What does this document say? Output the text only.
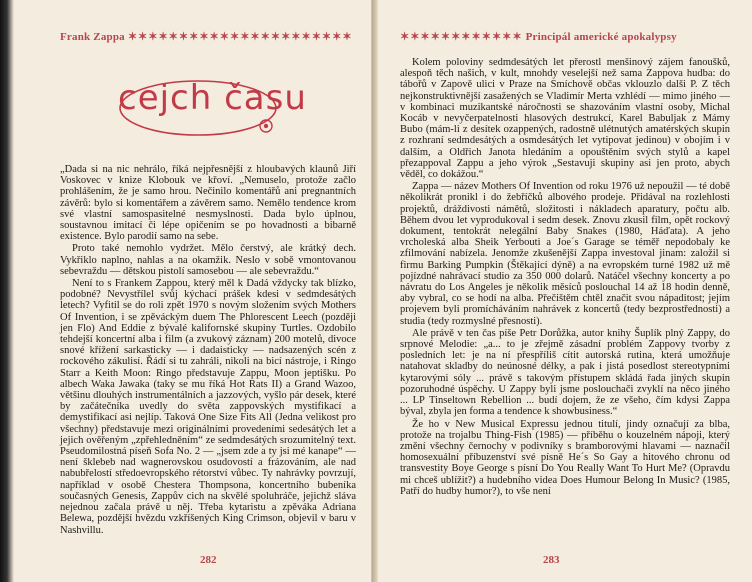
Frank Zappa ✶✶✶✶✶✶✶✶✶✶✶✶✶✶✶✶✶✶✶✶✶✶
cejch času

„Dada si na nic nehrálo, říká nejpřesnější z hloubavých klaunů Jiří Voskovec v knize Klobouk ve křoví. „Nemuselo, protože začlo prohlášením, že je samo hrou. Nečinilo komentářů ani pregnantních závěrů: bylo si komentářem a závěrem samo. Nemělo tendence krom své vlastní samospasitelné nesmyslnosti. Dada bylo úplnou, soustavnou imitací či lépe opičením se po hovadnosti a bibarně existence. Bylo parodií samo na sebe.

Proto také nemohlo vydržet. Mělo čerstvý, ale krátký dech. Vykřiklo naplno, nahlas a na okamžik. Neslo v sobě vmontovanou sebevraždu — dětskou pistolí samosebou — ale sebevraždu.“

Není to s Frankem Zappou, který měl k Dadá vždycky tak blízko, podobné? Nevystřílel svůj kýchací prášek kdesi v sedmdesátých letech? Vyfitil se do roli zpět 1970 s novým složením svých Mothers Of Invention, i se zpěváckým duem The Phlorescent Leech (později jen Flo) And Eddie z bývalé kalifornské skupiny Turtles. Ozdobilo tehdejší koncertní alba i film (a zvukový záznam) 200 motelů, divoce snové křížení sarkasticky — i dadaisticky — nadsazených scén z rockového zákulisí. Řádí si tu zahráli, nikoli na bicí nástroje, i Ringo Starr a Keith Moon: Ringo představuje Zappu, Moon jeptišku. Po albech Waka Jawaka (taky se mu říká Hot Rats II) a Grand Wazoo, většinu dlouhých instrumentálních a jazzových, vyšlo pár desek, které by začátečníka uvedly do světa zappovských mystifikací a demystifikací asi nejlíp. Taková One Size Fits All (Jedna velikost pro všechny) představuje mezi originálními provedeními sedesátých let a jejich ověřeným „zpřehledněním“ ze sedmdesátých srozumitelný text. Pseudomilostná píseň Sofa No. 2 — „jsem zde a ty jsi mé kanape“ — není šklebeb nad wagnerovskou osudovostí a frázováním, ale nad nabubřelostí středoevropského rétorství vůbec. Ty nahrávky povrzují, například v osobě Chestera Thompsona, koncertního bubeníka současných Genesis, Zappův cich na skvělé spoluhráče, jejichž sláva nejednou začala právě u něj. Třeba kytaristu a zpěváka Adriana Belewa, pozdější hvězdu vzkříšených King Crimson, objevil v baru v Nashvillu.

282
✶✶✶✶✶✶✶✶✶✶✶✶ Principál americké apokalypsy

Kolem poloviny sedmdesátých let přerostl menšinový zájem fanoušků, alespoň těch našich, v kult, mnohdy veselejší než sama Zappova hudba: do tábořů v Zapově ulici v Praze na Smíchově občas vklouzlo dalši P. Z těch nejkonstruktivnější zasažených se Vladimír Merta vzhlédí — mimo jiného — v kombinaci muzikantské náročnosti se shazováním vlastní osoby, Michal Kocáb v nevyčerpatelnosti hlasových destrukcí, Karel Babuljak z Mámy Bubo (mám-li z desítek ozappených, radostně ulétnutých amatérských skupin z rozhraní sedmdesátých a osmdesátých let vytipovat jedinou) v obojím i v dalším, a Oldřich Janota hledáním a opouštěním svých stylů a kapel přezappoval Zappu a jeho výrok „Sestavuji skupiny asi jen proto, abych věděl, co dokážou.“

Zappa — název Mothers Of Invention od roku 1976 už nepoužil — té době několikrát pronikl i do žebříčků albového prodeje. Přidával na rozlehlosti projektů, dráždivosti námětů, složitosti i nákladech aparatury, počtu alb. Během dvou let vyprodukoval i sedm desek. Znovu zkusil film, opět rockový dokument, tentokrát nelegální Baby Snakes (1980, Háďata). A jeho vrcholeská alba Sheik Yerbouti a Joe´s Garage se téměř nepodobaly ke zfilmování nabízela. Jenomže zkušenější Zappa investoval jinam: založil si firmu Barking Pumpkin (Štěkající dýně) a na evropském turné 1982 už mě pojízdné nahrávací studio za 350 000 dolarů. Natáčel všechny koncerty a po návratu do Los Angeles je několik měsíců poslouchal 14 až 18 hodin denně, aby vybral, co se hodí na alba. Přečištěm chtěl značit svou nápaditost; jejím projevem byli promícháváním nahrávek z koncertů (tedy bezprostřednosti) a studia (tedy rozmyslné přesnosti).

Ale právě v ten čas píše Petr Dorůžka, autor knihy Šuplík plný Zappy, do srpnové Melodie: „a... to je zřejmě zásadní problém Zappovy tvorby z posledních let: je na ní přespříliš cítit autorská rutina, která umožňuje natahovat skladby do neúnosné délky, a pak i jistá posedlost stereotypními kytarovými sóly ... právě s takovým přístupem skládá řada jiných skupin pozoruhodné úspěchy. U Zappy byli jsme poslouchači zvyklí na něco jiného ... LP Tinseltown Rebellion ... budí dojem, že ze všeho, čím kdysi Zappa býval, zbyla jen forma a tendence k showbusiness.“

Že ho v New Musical Expressu jednou titulí, jindy označují za blba, protože na trojalbu Thing-Fish (1985) — příběhu o kouzelném nápoji, který změní všechny černochy v podivníky s bramborovými hlavami — naznačil homosexuální příbuzenství své písně He´s So Gay a hitového chronu od transvestity Boye George s písní Do You Really Want To Hurt Me? (Opravdu mi chceš ublížit?) a hudebního videa Does Humour Belong In Music? (1985, Patří do hudby humor?), to vše není

283
